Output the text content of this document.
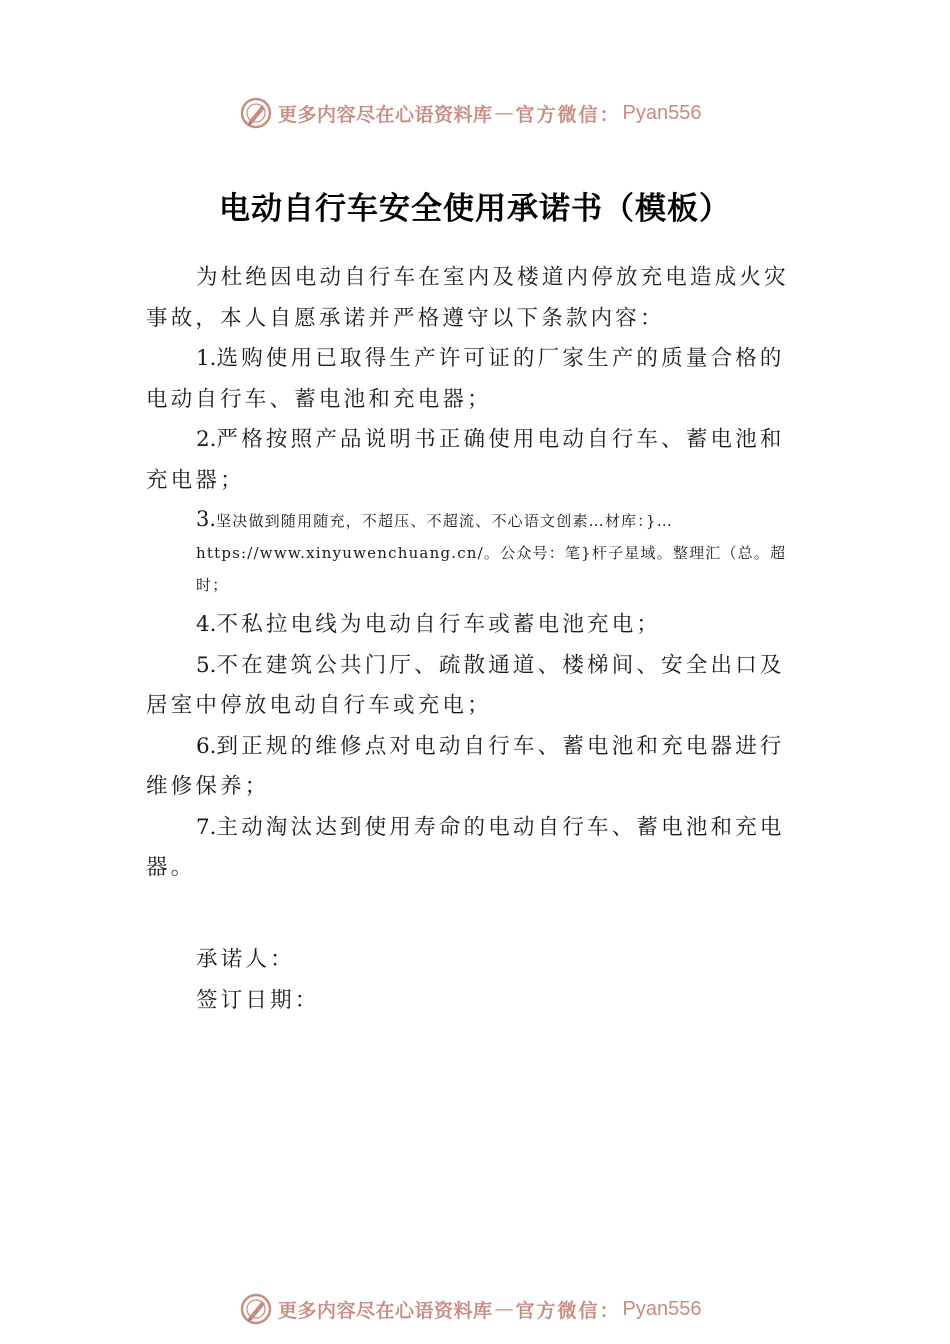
更多内容尽在心语资料库 — 官方微信： Pyan556
电动自行车安全使用承诺书（模板）

为杜绝因电动自行车在室内及楼道内停放充电造成火灾事故，本人自愿承诺并严格遵守以下条款内容：

1.选购使用已取得生产许可证的厂家生产的质量合格的电动自行车、蓄电池和充电器；

2.严格按照产品说明书正确使用电动自行车、蓄电池和充电器；

3.坚决做到随用随充，不超压、不超流、不心语文创素…材库：}…https://www.xinyuwenchuang.cn/。公众号：笔}杆子星域。整理汇（总。超时；

4.不私拉电线为电动自行车或蓄电池充电；

5.不在建筑公共门厅、疏散通道、楼梯间、安全出口及居室中停放电动自行车或充电；

6.到正规的维修点对电动自行车、蓄电池和充电器进行维修保养；

7.主动淘汰达到使用寿命的电动自行车、蓄电池和充电器。

承诺人：
签订日期：
更多内容尽在心语资料库 — 官方微信： Pyan556
